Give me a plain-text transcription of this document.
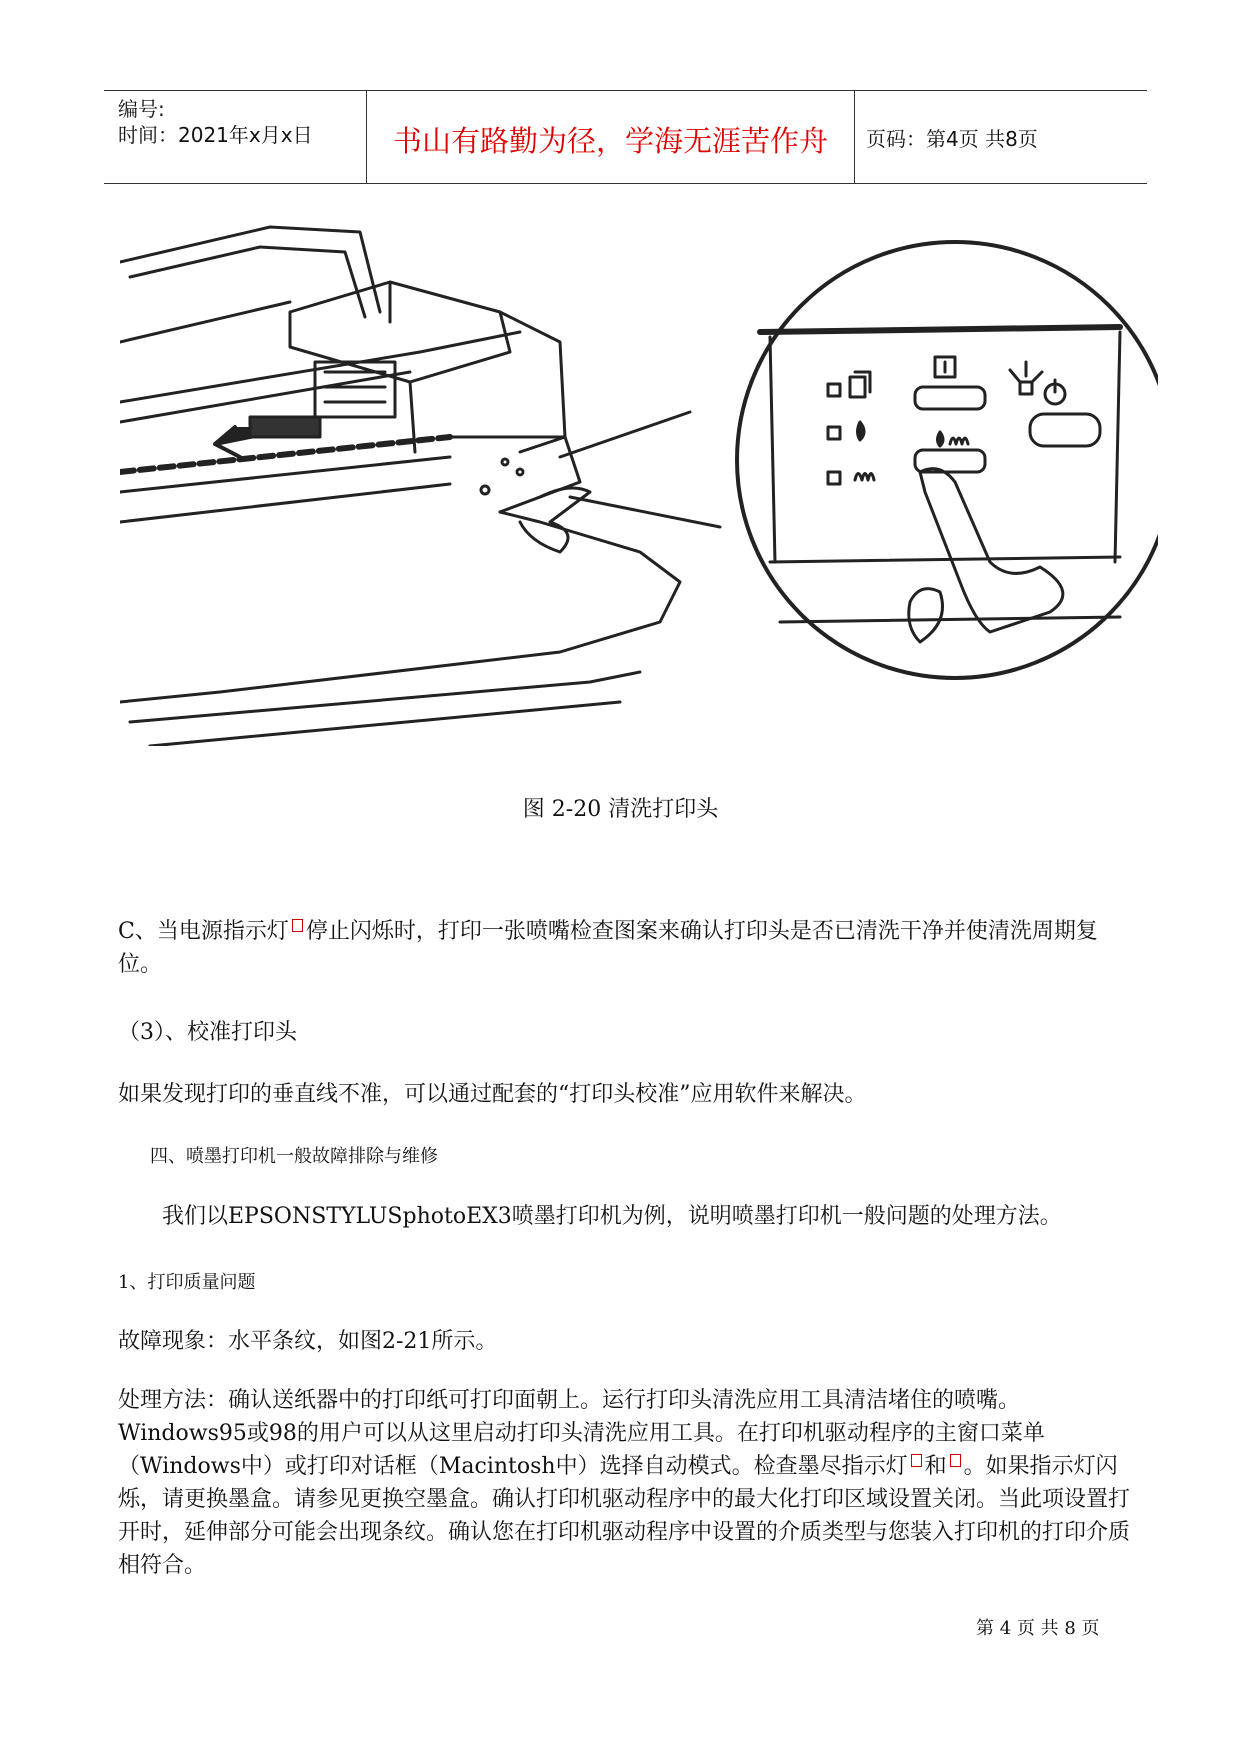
编号:
时间：2021年x月x日	书山有路勤为径，学海无涯苦作舟	页码：第4页 共8页
图 2-20 清洗打印头
C、当电源指示灯 停止闪烁时，打印一张喷嘴检查图案来确认打印头是否已清洗干净并使清洗周期复位。
（3）、校准打印头
如果发现打印的垂直线不准，可以通过配套的“打印头校准”应用软件来解决。
四、喷墨打印机一般故障排除与维修
我们以EPSONSTYLUSphotoEX3喷墨打印机为例，说明喷墨打印机一般问题的处理方法。
1、打印质量问题
故障现象：水平条纹，如图2-21所示。
处理方法：确认送纸器中的打印纸可打印面朝上。运行打印头清洗应用工具清洁堵住的喷嘴。Windows95或98的用户可以从这里启动打印头清洗应用工具。在打印机驱动程序的主窗口菜单（Windows中）或打印对话框（Macintosh中）选择自动模式。检查墨尽指示灯 和 。如果指示灯闪烁，请更换墨盒。请参见更换空墨盒。确认打印机驱动程序中的最大化打印区域设置关闭。当此项设置打开时，延伸部分可能会出现条纹。确认您在打印机驱动程序中设置的介质类型与您装入打印机的打印介质相符合。
第 4 页 共 8 页
